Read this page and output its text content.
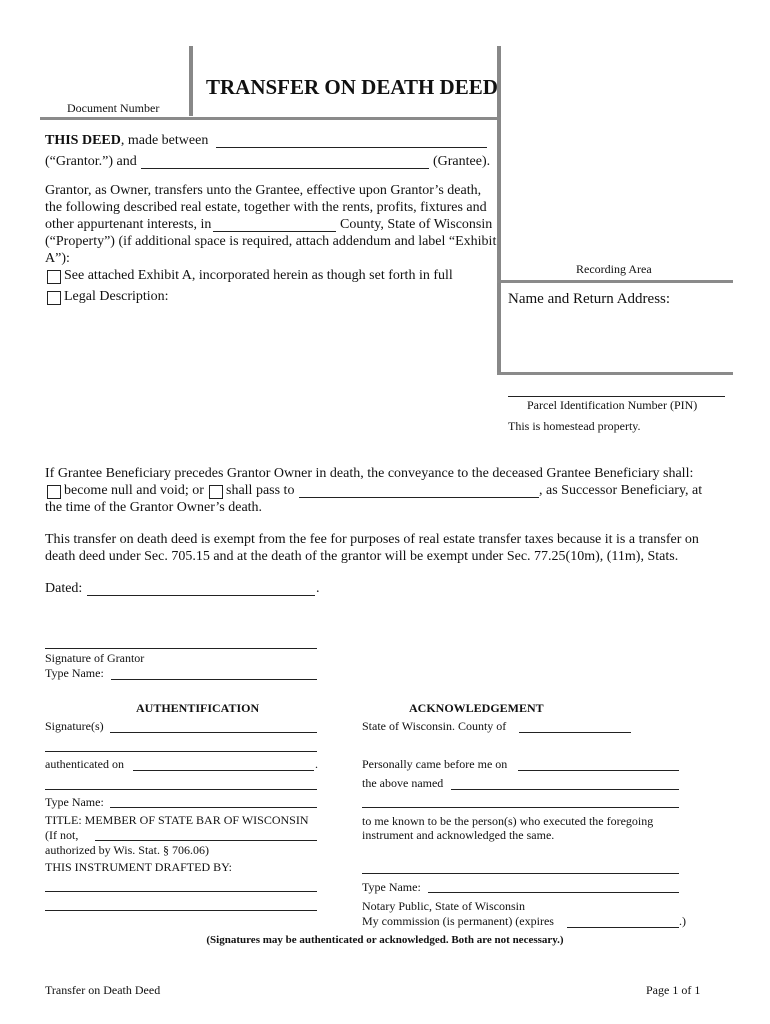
TRANSFER ON DEATH DEED
Document Number
THIS DEED, made between
(“Grantor.”) and	(Grantee).
Grantor, as Owner, transfers unto the Grantee, effective upon Grantor’s death,
the following described real estate, together with the rents, profits, fixtures and
other appurtenant interests, in	County, State of Wisconsin
(“Property”) (if additional space is required, attach addendum and label “Exhibit
A”):
See attached Exhibit A, incorporated herein as though set forth in full
Legal Description:
Recording Area
Name and Return Address:
Parcel Identification Number (PIN)
This is homestead property.
If Grantee Beneficiary precedes Grantor Owner in death, the conveyance to the deceased Grantee Beneficiary shall:
become null and void; or shall pass to	, as Successor Beneficiary, at
the time of the Grantor Owner’s death.
This transfer on death deed is exempt from the fee for purposes of real estate transfer taxes because it is a transfer on
death deed under Sec. 705.15 and at the death of the grantor will be exempt under Sec. 77.25(10m), (11m), Stats.
Dated:	.
Signature of Grantor
Type Name:
AUTHENTIFICATION
Signature(s)
authenticated on	.
Type Name:
TITLE: MEMBER OF STATE BAR OF WISCONSIN
(If not,
authorized by Wis. Stat. § 706.06)
THIS INSTRUMENT DRAFTED BY:
ACKNOWLEDGEMENT
State of Wisconsin. County of
Personally came before me on
the above named
to me known to be the person(s) who executed the foregoing
instrument and acknowledged the same.
Type Name:
Notary Public, State of Wisconsin
My commission (is permanent) (expires	.)
(Signatures may be authenticated or acknowledged. Both are not necessary.)
Transfer on Death Deed	Page 1 of 1
